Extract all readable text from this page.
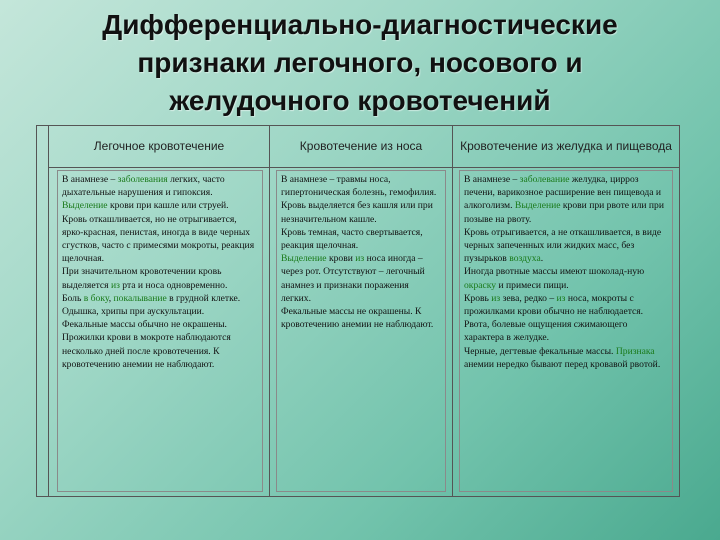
Дифференциально-диагностические
признаки легочного, носового и
желудочного кровотечений
Легочное кровотечение

В анамнезе – заболевания легких, часто дыхательные нарушения и гипоксия. Выделение крови при кашле или струей.

Кровь откашливается, но не отрыгивается, ярко-красная, пенистая, иногда в виде черных сгустков, часто с примесями мокроты, реакция щелочная.

При значительном кровотечении кровь выделяется из рта и носа одновременно.

Боль в боку, покалывание в грудной клетке. Одышка, хрипы при аускультации.

Фекальные массы обычно не окрашены. Прожилки крови в мокроте наблюдаются несколько дней после кровотечения. К кровотечению анемии не наблюдают.

Кровотечение из носа

В анамнезе – травмы носа, гипертоническая болезнь, гемофилия.

Кровь выделяется без кашля или при незначительном кашле.

Кровь темная, часто свертывается, реакция щелочная.

Выделение крови из носа иногда – через рот. Отсутствуют – легочный анамнез и признаки поражения легких.

Фекальные массы не окрашены. К кровотечению анемии не наблюдают.

Кровотечение из желудка и пищевода

В анамнезе – заболевание желудка, цирроз печени, варикозное расширение вен пищевода и алкоголизм. Выделение крови при рвоте или при позыве на рвоту.

Кровь отрыгивается, а не откашливается, в виде черных запеченных или жидких масс, без пузырьков воздуха.

Иногда рвотные массы имеют шоколад-ную окраску и примеси пищи.

Кровь из зева, редко – из носа, мокроты с прожилками крови обычно не наблюдается.

Рвота, болевые ощущения сжимающего характера в желудке.

Черные, дегтевые фекальные массы. Признака анемии нередко бывают перед кровавой рвотой.
